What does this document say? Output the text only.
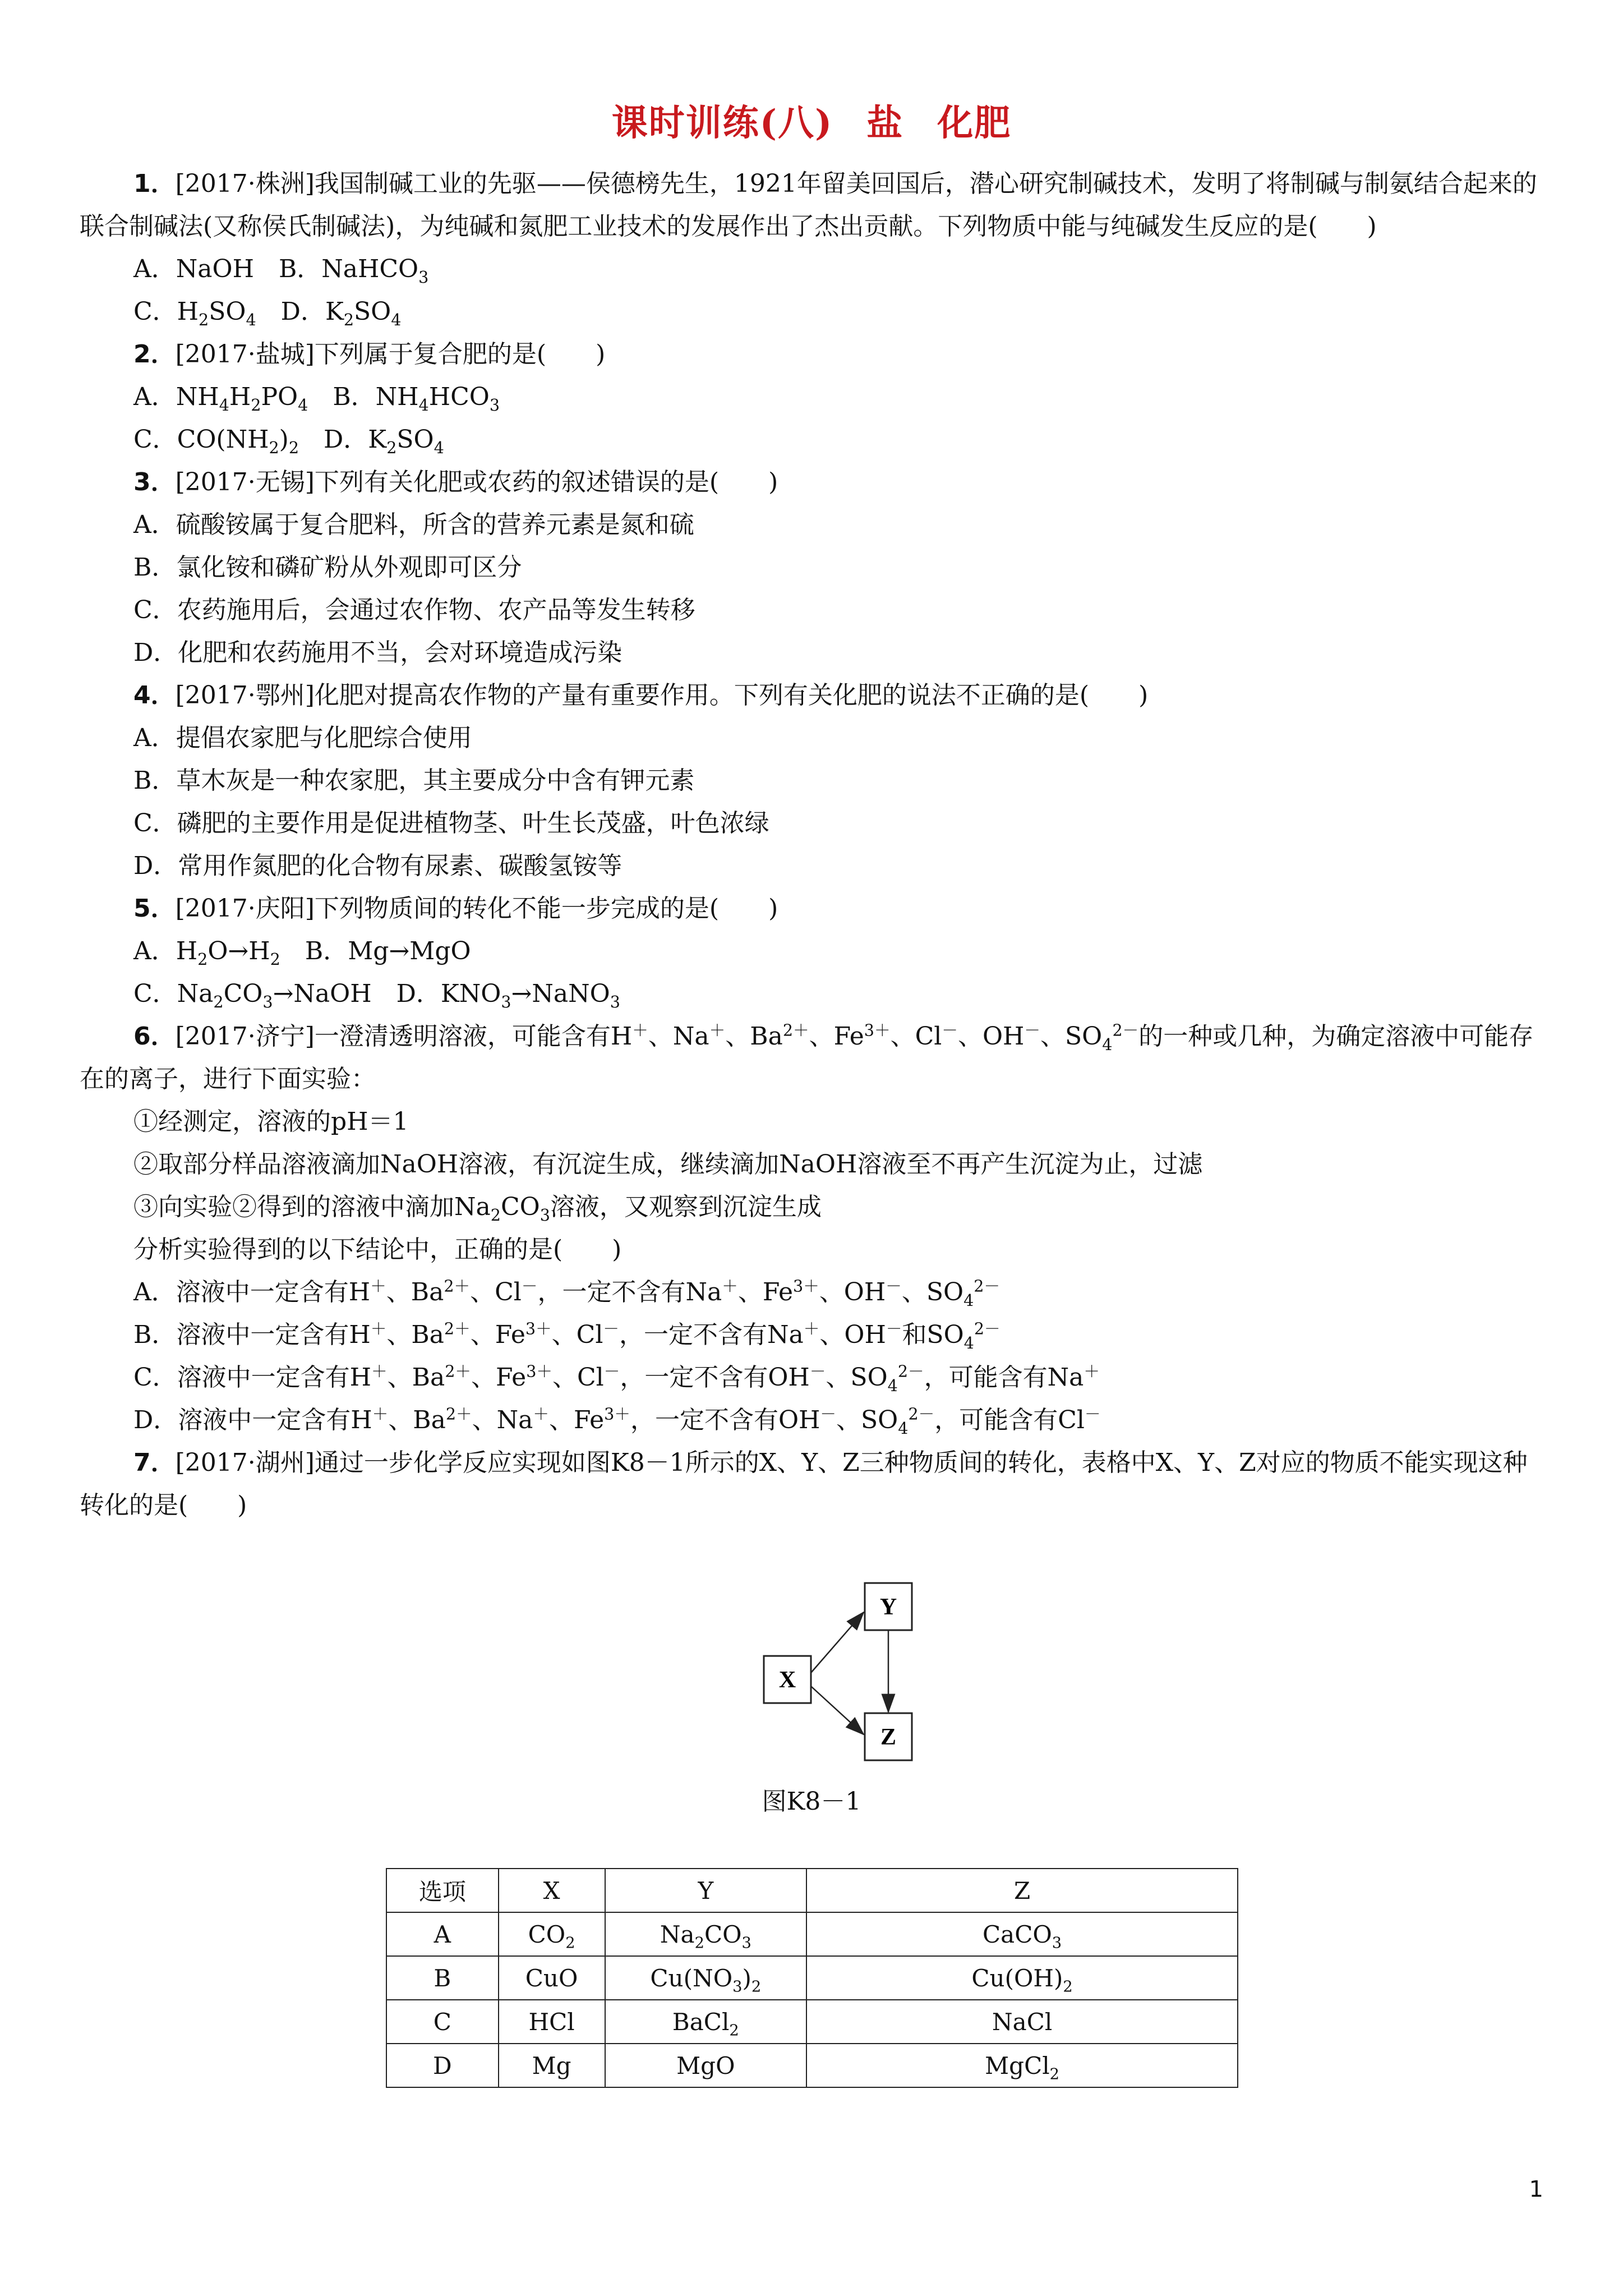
课时训练(八) 盐 化肥

1．[2017·株洲]我国制碱工业的先驱——侯德榜先生，1921年留美回国后，潜心研究制碱技术，发明了将制碱与制氨结合起来的联合制碱法(又称侯氏制碱法)，为纯碱和氮肥工业技术的发展作出了杰出贡献。下列物质中能与纯碱发生反应的是(　　)

A．NaOH　 B．NaHCO$_3$

C．$H_2SO_4$　 D．$K_2SO_4$

2．[2017·盐城]下列属于复合肥的是(　　)

A．$NH_4H_2PO_4$　B．$NH_4HCO_3$

C．$CO(NH_2)_2$　D．$K_2SO_4$

3．[2017·无锡]下列有关化肥或农药的叙述错误的是(　　)

A．硫酸铵属于复合肥料，所含的营养元素是氮和硫

B．氯化铵和磷矿粉从外观即可区分

C．农药施用后，会通过农作物、农产品等发生转移

D．化肥和农药施用不当，会对环境造成污染

4．[2017·鄂州]化肥对提高农作物的产量有重要作用。下列有关化肥的说法不正确的是(　　)

A．提倡农家肥与化肥综合使用

B．草木灰是一种农家肥，其主要成分中含有钾元素

C．磷肥的主要作用是促进植物茎、叶生长茂盛，叶色浓绿

D．常用作氮肥的化合物有尿素、碳酸氢铵等

5．[2017·庆阳]下列物质间的转化不能一步完成的是(　　)

A．$H_2O\to H_2$　B．Mg→MgO

C．$Na_2CO_3\to NaOH$　D．$KNO_3\to NaNO_3$

6．[2017·济宁]一澄清透明溶液，可能含有H＋、Na＋、$Ba^{2+}$、$Fe^{3+}$、Cl－、OH－、$SO_4^{2-}$的一种或几种，为确定溶液中可能存在的离子，进行下面实验：

①经测定，溶液的pH＝1

②取部分样品溶液滴加NaOH溶液，有沉淀生成，继续滴加NaOH溶液至不再产生沉淀为止，过滤

③向实验②得到的溶液中滴加$Na_2CO_3$溶液，又观察到沉淀生成

分析实验得到的以下结论中，正确的是(　　)

A．溶液中一定含有H＋、$Ba^{2+}$、Cl－，一定不含有Na＋、$Fe^{3+}$、OH－、$SO_4^{2-}$

B．溶液中一定含有H＋、$Ba^{2+}$、$Fe^{3+}$、Cl－，一定不含有Na＋、OH－和$SO_4^{2-}$

C．溶液中一定含有H＋、$Ba^{2+}$、$Fe^{3+}$、Cl－，一定不含有OH－、$SO_4^{2-}$，可能含有Na＋

D．溶液中一定含有H＋、$Ba^{2+}$、Na＋、$Fe^{3+}$，一定不含有OH－、$SO_4^{2-}$，可能含有Cl－

7．[2017·湖州]通过一步化学反应实现如图K8－1所示的X、Y、Z三种物质间的转化，表格中X、Y、Z对应的物质不能实现这种转化的是(　　)

X
Y
Z
图K8－1
选项	X	Y	Z
A	$CO_2$	$Na_2CO_3$	CaCO$_3$
B	CuO	$Cu(NO_3)_2$	$Cu(OH)_2$
C	HCl	BaCl$_2$	NaCl
D	Mg	MgO	MgCl$_2$
1
